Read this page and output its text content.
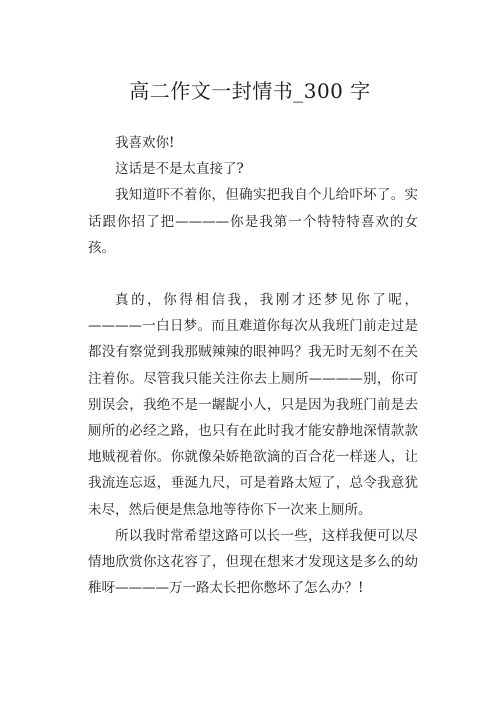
高二作文一封情书_300 字

我喜欢你!

这话是不是太直接了?

我知道吓不着你，但确实把我自个儿给吓坏了。实话跟你招了把————你是我第一个特特特喜欢的女孩。

真的，你得相信我，我刚才还梦见你了呢，————一白日梦。而且难道你每次从我班门前走过是都没有察觉到我那贼辣辣的眼神吗？我无时无刻不在关注着你。尽管我只能关注你去上厕所————别，你可别误会，我绝不是一龌龊小人，只是因为我班门前是去厕所的必经之路，也只有在此时我才能安静地深情款款地贼视着你。你就像朵娇艳欲滴的百合花一样迷人，让我流连忘返，垂涎九尺，可是着路太短了，总令我意犹未尽，然后便是焦急地等待你下一次来上厕所。

所以我时常希望这路可以长一些，这样我便可以尽情地欣赏你这花容了，但现在想来才发现这是多么的幼稚呀————万一路太长把你憋坏了怎么办？!
